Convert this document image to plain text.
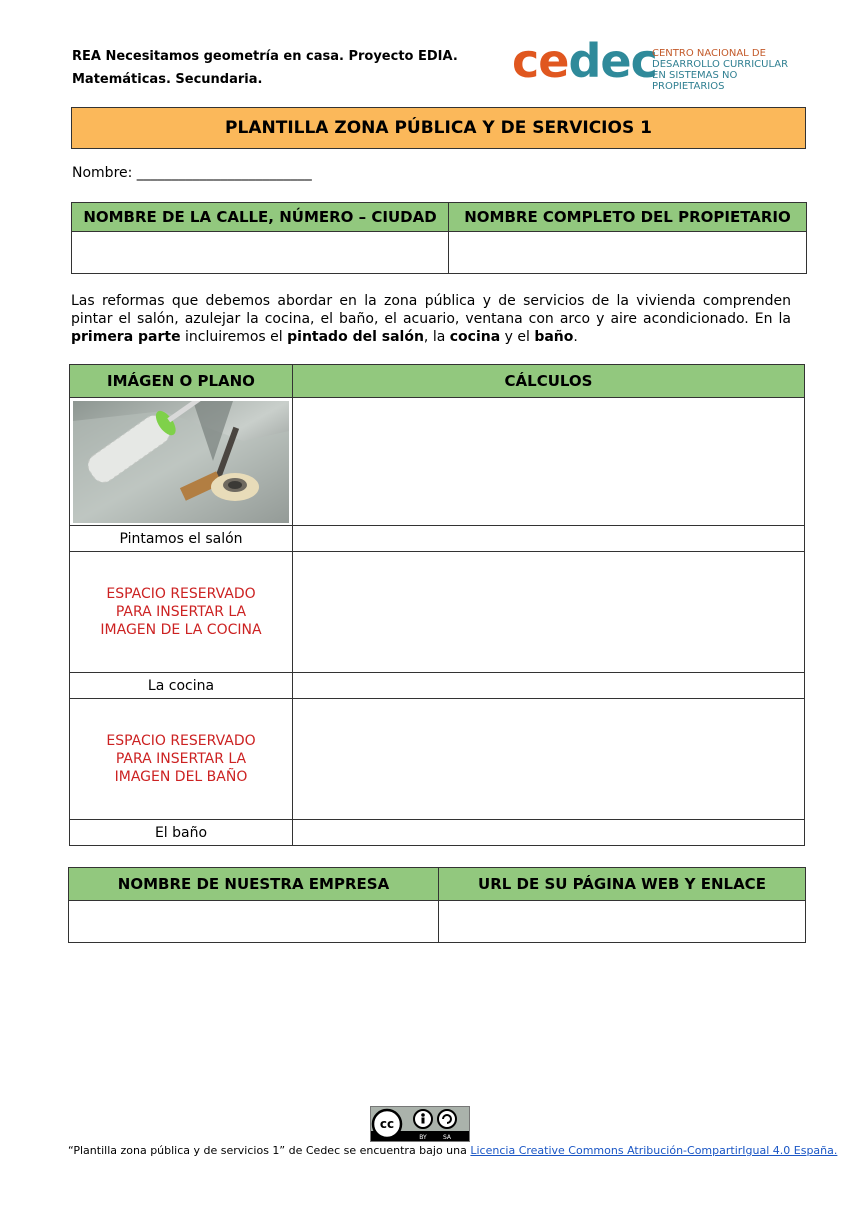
REA Necesitamos geometría en casa. Proyecto EDIA.
Matemáticas. Secundaria.	cedec
CENTRO NACIONAL DE
DESARROLLO CURRICULAR
EN SISTEMAS NO PROPIETARIOS
PLANTILLA ZONA PÚBLICA Y DE SERVICIOS 1
Nombre: _________________________
NOMBRE DE LA CALLE, NÚMERO – CIUDAD	NOMBRE COMPLETO DEL PROPIETARIO

Las reformas que debemos abordar en la zona pública y de servicios de la vivienda comprenden pintar el salón, azulejar la cocina, el baño, el acuario, ventana con arco y aire acondicionado. En la primera parte incluiremos el pintado del salón, la cocina y el baño.
IMÁGEN O PLANO	CÁLCULOS

Pintamos el salón	

ESPACIO RESERVADO
PARA INSERTAR LA
IMAGEN DE LA COCINA	

La cocina	

ESPACIO RESERVADO
PARA INSERTAR LA
IMAGEN DEL BAÑO	

El baño	
NOMBRE DE NUESTRA EMPRESA	URL DE SU PÁGINA WEB Y ENLACE

cc
BY	SA
“Plantilla zona pública y de servicios 1” de Cedec se encuentra bajo una Licencia Creative Commons Atribución-CompartirIgual 4.0 España.
